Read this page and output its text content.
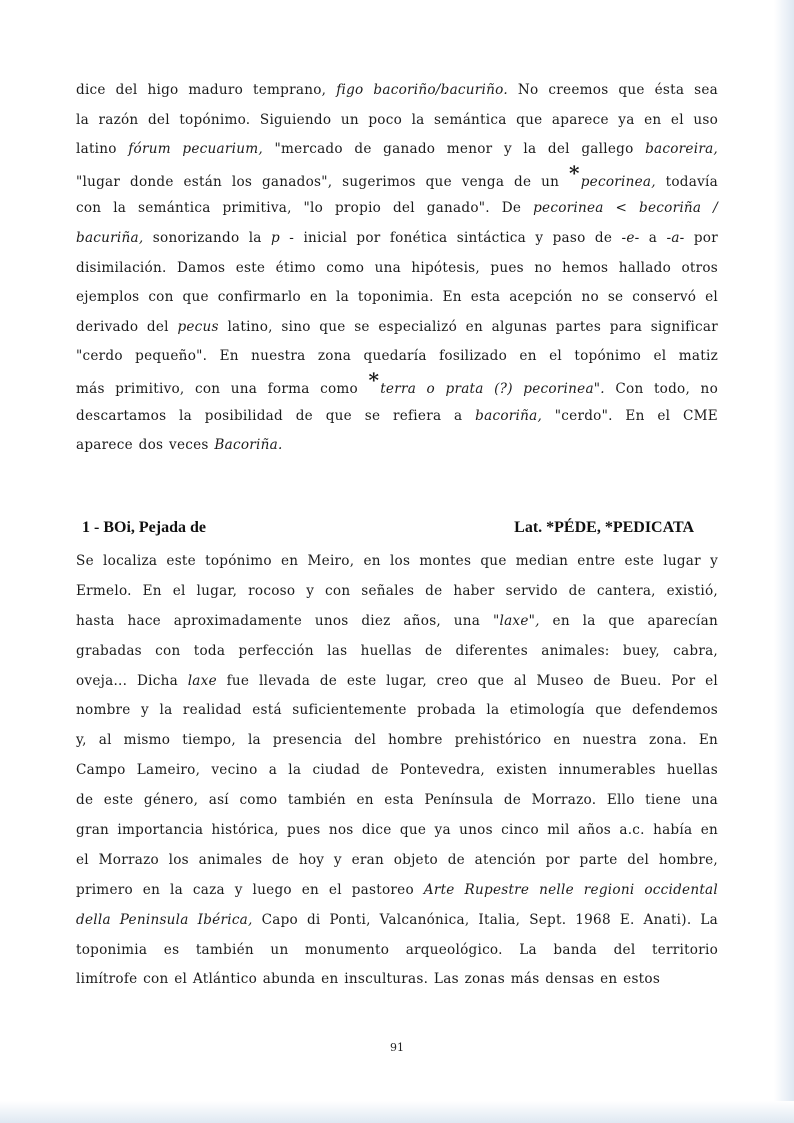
dice del higo maduro temprano, figo bacoriño/bacuriño. No creemos que ésta sea
la razón del topónimo. Siguiendo un poco la semántica que aparece ya en el uso
latino fórum pecuarium, "mercado de ganado menor y la del gallego bacoreira,
"lugar donde están los ganados", sugerimos que venga de un *pecorinea, todavía
con la semántica primitiva, "lo propio del ganado". De pecorinea < becoriña /
bacuriña, sonorizando la p - inicial por fonética sintáctica y paso de -e- a -a- por
disimilación. Damos este étimo como una hipótesis, pues no hemos hallado otros
ejemplos con que confirmarlo en la toponimia. En esta acepción no se conservó el
derivado del pecus latino, sino que se especializó en algunas partes para significar
"cerdo pequeño". En nuestra zona quedaría fosilizado en el topónimo el matiz
más primitivo, con una forma como *terra o prata (?) pecorinea". Con todo, no
descartamos la posibilidad de que se refiera a bacoriña, "cerdo". En el CME
aparece dos veces Bacoriña.
1 - BOi, Pejada de	Lat. *PÉDE, *PEDICATA
Se localiza este topónimo en Meiro, en los montes que median entre este lugar y
Ermelo. En el lugar, rocoso y con señales de haber servido de cantera, existió,
hasta hace aproximadamente unos diez años, una "laxe", en la que aparecían
grabadas con toda perfección las huellas de diferentes animales: buey, cabra,
oveja... Dicha laxe fue llevada de este lugar, creo que al Museo de Bueu. Por el
nombre y la realidad está suficientemente probada la etimología que defendemos
y, al mismo tiempo, la presencia del hombre prehistórico en nuestra zona. En
Campo Lameiro, vecino a la ciudad de Pontevedra, existen innumerables huellas
de este género, así como también en esta Península de Morrazo. Ello tiene una
gran importancia histórica, pues nos dice que ya unos cinco mil años a.c. había en
el Morrazo los animales de hoy y eran objeto de atención por parte del hombre,
primero en la caza y luego en el pastoreo Arte Rupestre nelle regioni occidental
della Peninsula Ibérica, Capo di Ponti, Valcanónica, Italia, Sept. 1968 E. Anati). La
toponimia es también un monumento arqueológico. La banda del territorio
limítrofe con el Atlántico abunda en insculturas. Las zonas más densas en estos
91
